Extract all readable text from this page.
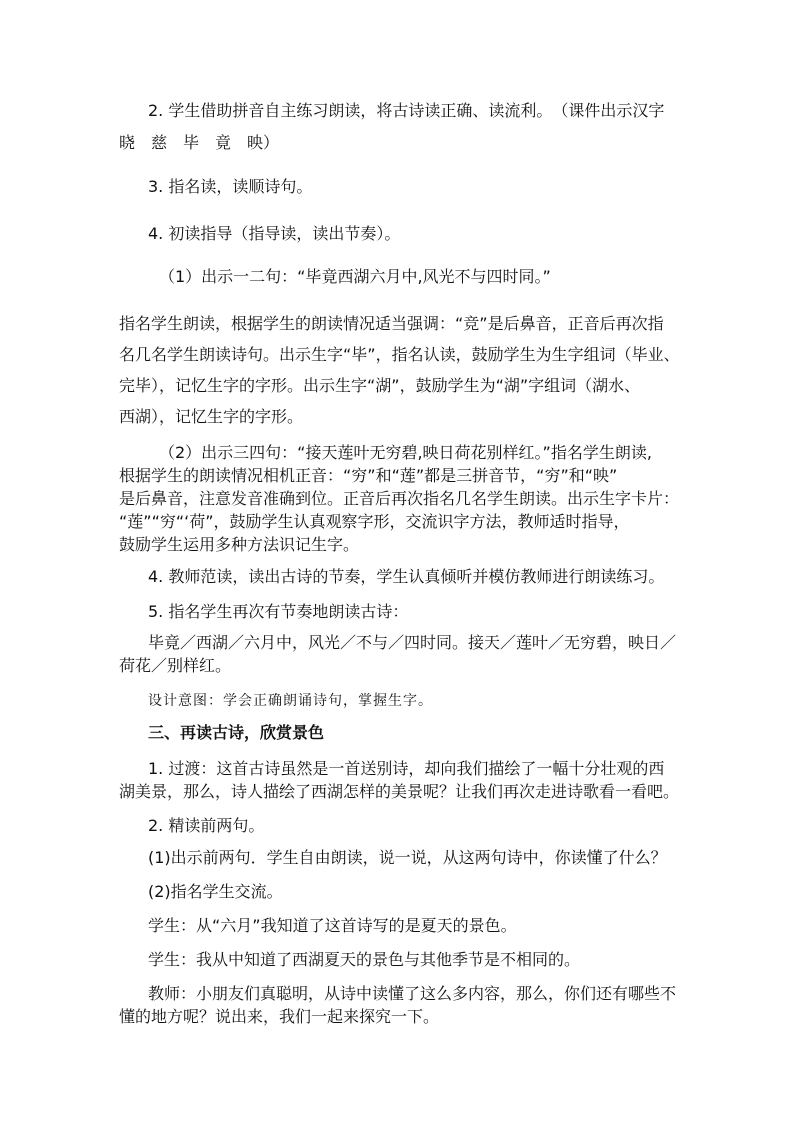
2. 学生借助拼音自主练习朗读，将古诗读正确、读流利。　（课件出示汉字
晓　慈　毕　竟　映）
3. 指名读，读顺诗句。
4. 初读指导（指导读，读出节奏）。
（1）出示一二句：“毕竟西湖六月中,风光不与四时同。”
指名学生朗读，根据学生的朗读情况适当强调：“竞”是后鼻音，正音后再次指
名几名学生朗读诗句。出示生字“毕”，指名认读，鼓励学生为生字组词（毕业、
完毕），记忆生字的字形。出示生字“湖”，鼓励学生为“湖”字组词（湖水、
西湖），记忆生字的字形。
（2）出示三四句：“接天莲叶无穷碧,映日荷花别样红。”指名学生朗读,
根据学生的朗读情况相机正音：“穷”和“莲”都是三拼音节，“穷”和“映”
是后鼻音，注意发音准确到位。正音后再次指名几名学生朗读。出示生字卡片：
“莲”“穷“‘荷”，鼓励学生认真观察字形，交流识字方法，教师适时指导，
鼓励学生运用多种方法识记生字。
4. 教师范读，读出古诗的节奏，学生认真倾听并模仿教师进行朗读练习。
5. 指名学生再次有节奏地朗读古诗：
毕竟／西湖／六月中，风光／不与／四时同。接天／莲叶／无穷碧，映日／
荷花／别样红。
设计意图：学会正确朗诵诗句，掌握生字。
三、再读古诗，欣赏景色
1. 过渡：这首古诗虽然是一首送别诗，却向我们描绘了一幅十分壮观的西
湖美景，那么，诗人描绘了西湖怎样的美景呢？让我们再次走进诗歌看一看吧。
2. 精读前两句。
(1)出示前两句．学生自由朗读，说一说，从这两句诗中，你读懂了什么？
(2)指名学生交流。
学生：从“六月”我知道了这首诗写的是夏天的景色。
学生：我从中知道了西湖夏天的景色与其他季节是不相同的。
教师：小朋友们真聪明，从诗中读懂了这么多内容，那么，你们还有哪些不
懂的地方呢？说出来，我们一起来探究一下。
